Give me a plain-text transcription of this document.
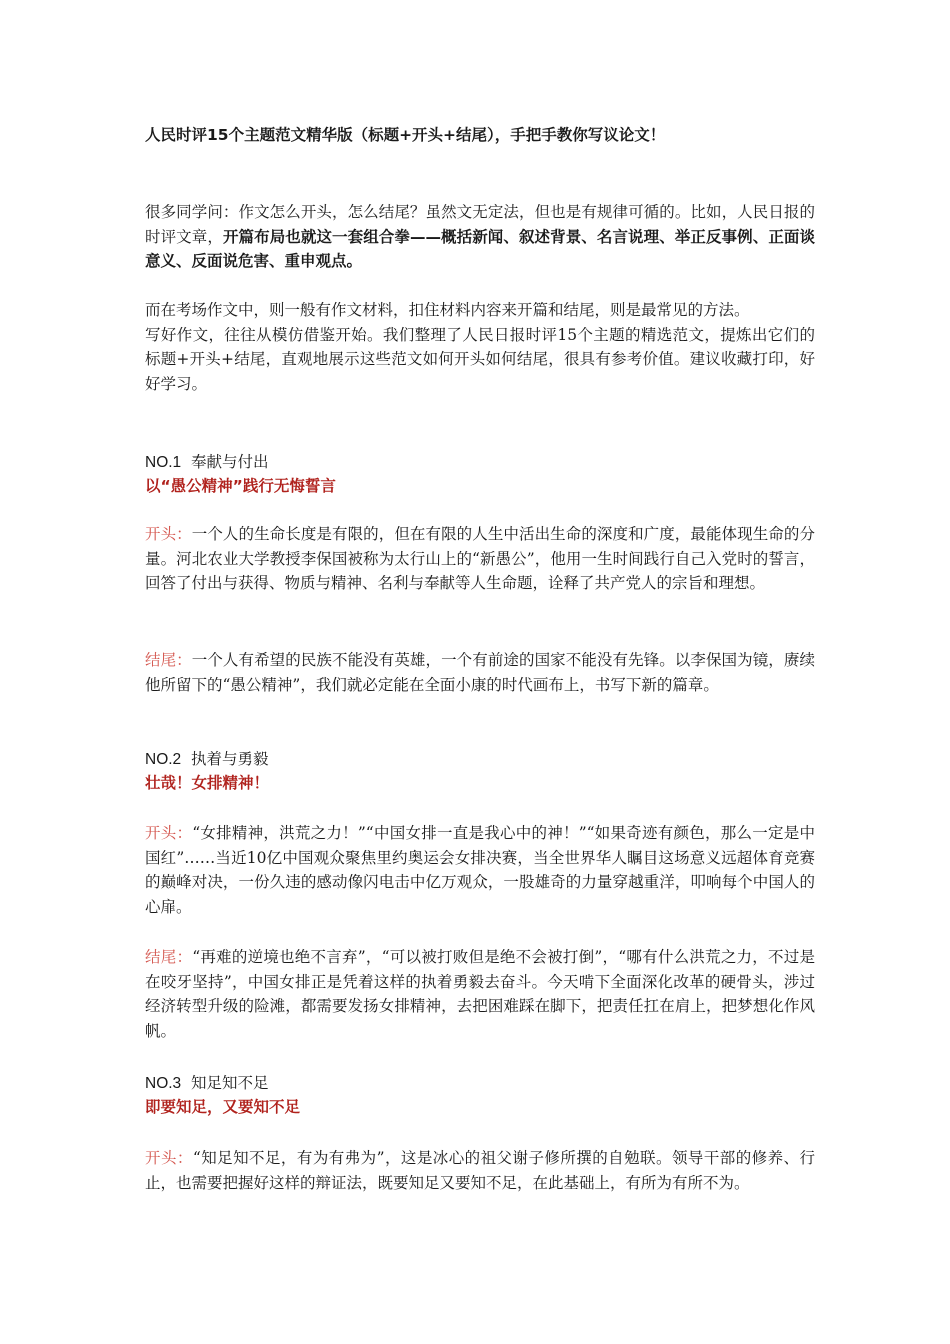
人民时评15个主题范文精华版（标题+开头+结尾），手把手教你写议论文！
很多同学问：作文怎么开头，怎么结尾？虽然文无定法，但也是有规律可循的。比如，人民日报的时评文章，开篇布局也就这一套组合拳——概括新闻、叙述背景、名言说理、举正反事例、正面谈意义、反面说危害、重申观点。
而在考场作文中，则一般有作文材料，扣住材料内容来开篇和结尾，则是最常见的方法。
写好作文，往往从模仿借鉴开始。我们整理了人民日报时评15个主题的精选范文，提炼出它们的标题+开头+结尾，直观地展示这些范文如何开头如何结尾，很具有参考价值。建议收藏打印，好好学习。
NO.1 奉献与付出
以“愚公精神”践行无悔誓言
开头：一个人的生命长度是有限的，但在有限的人生中活出生命的深度和广度，最能体现生命的分量。河北农业大学教授李保国被称为太行山上的“新愚公”，他用一生时间践行自己入党时的誓言，回答了付出与获得、物质与精神、名利与奉献等人生命题，诠释了共产党人的宗旨和理想。
结尾：一个人有希望的民族不能没有英雄，一个有前途的国家不能没有先锋。以李保国为镜，赓续他所留下的“愚公精神”，我们就必定能在全面小康的时代画布上，书写下新的篇章。
NO.2 执着与勇毅
壮哉！女排精神！
开头：“女排精神，洪荒之力！”“中国女排一直是我心中的神！”“如果奇迹有颜色，那么一定是中国红”……当近10亿中国观众聚焦里约奥运会女排决赛，当全世界华人瞩目这场意义远超体育竞赛的巅峰对决，一份久违的感动像闪电击中亿万观众，一股雄奇的力量穿越重洋，叩响每个中国人的心扉。
结尾：“再难的逆境也绝不言弃”，“可以被打败但是绝不会被打倒”，“哪有什么洪荒之力，不过是在咬牙坚持”，中国女排正是凭着这样的执着勇毅去奋斗。今天啃下全面深化改革的硬骨头，涉过经济转型升级的险滩，都需要发扬女排精神，去把困难踩在脚下，把责任扛在肩上，把梦想化作风帆。
NO.3 知足知不足
即要知足，又要知不足
开头：“知足知不足，有为有弗为”，这是冰心的祖父谢子修所撰的自勉联。领导干部的修养、行止，也需要把握好这样的辩证法，既要知足又要知不足，在此基础上，有所为有所不为。
